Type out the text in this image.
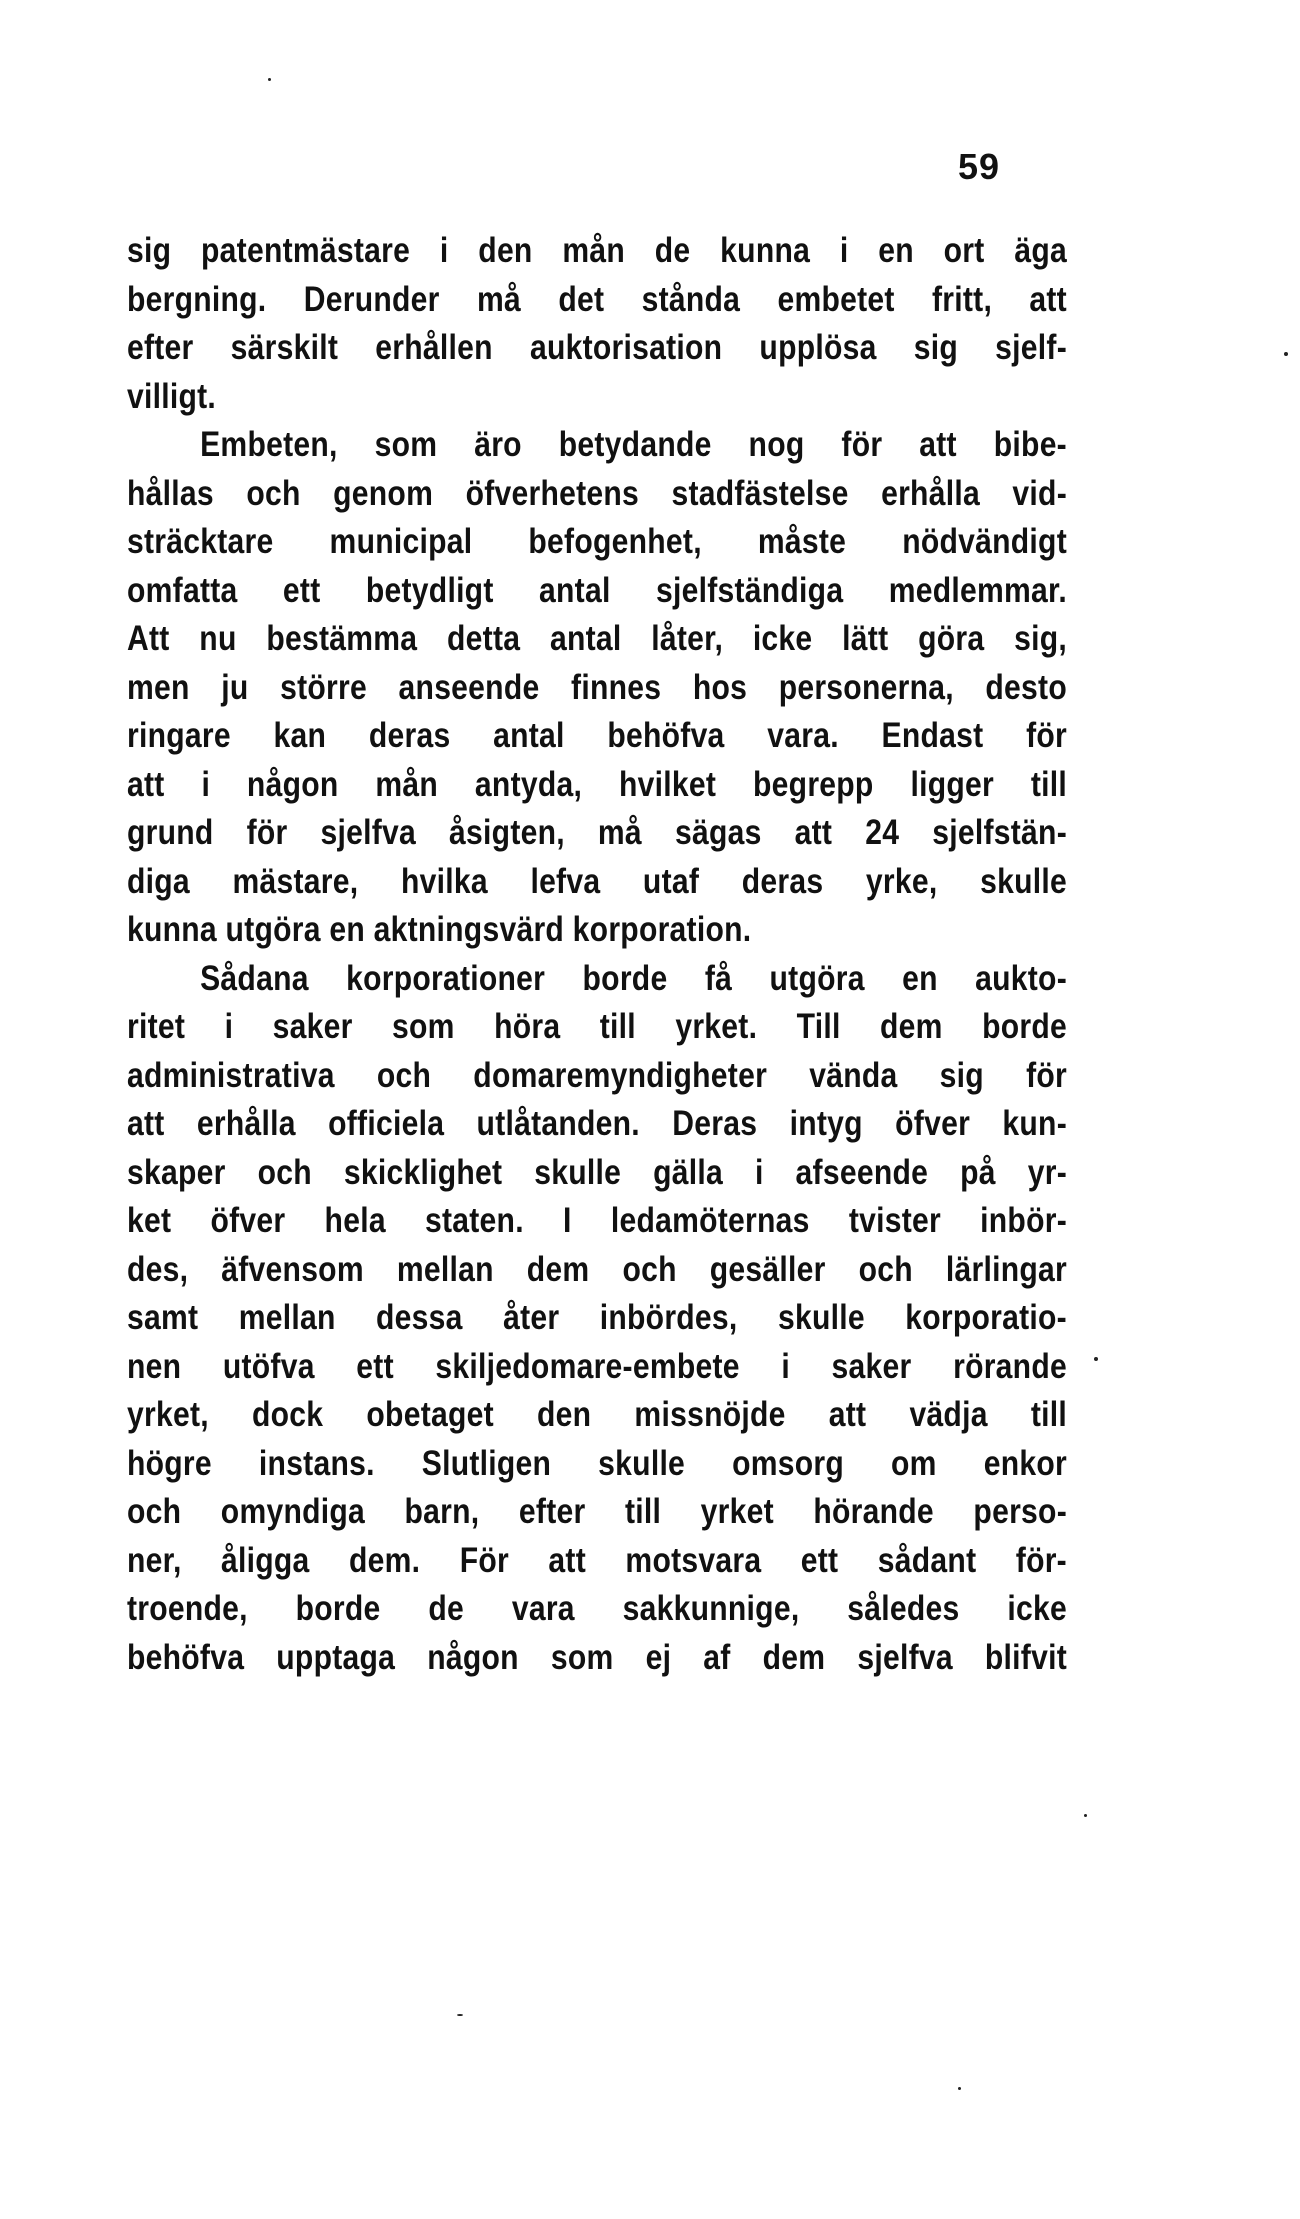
59
sig patentmästare i den mån de kunna i en ort äga
bergning. Derunder må det stånda embetet fritt, att
efter särskilt erhållen auktorisation upplösa sig sjelf-
villigt.
Embeten, som äro betydande nog för att bibe-
hållas och genom öfverhetens stadfästelse erhålla vid-
sträcktare municipal befogenhet, måste nödvändigt
omfatta ett betydligt antal sjelfständiga medlemmar.
Att nu bestämma detta antal låter, icke lätt göra sig,
men ju större anseende finnes hos personerna, desto
ringare kan deras antal behöfva vara. Endast för
att i någon mån antyda, hvilket begrepp ligger till
grund för sjelfva åsigten, må sägas att 24 sjelfstän-
diga mästare, hvilka lefva utaf deras yrke, skulle
kunna utgöra en aktningsvärd korporation.
Sådana korporationer borde få utgöra en aukto-
ritet i saker som höra till yrket. Till dem borde
administrativa och domaremyndigheter vända sig för
att erhålla officiela utlåtanden. Deras intyg öfver kun-
skaper och skicklighet skulle gälla i afseende på yr-
ket öfver hela staten. I ledamöternas tvister inbör-
des, äfvensom mellan dem och gesäller och lärlingar
samt mellan dessa åter inbördes, skulle korporatio-
nen utöfva ett skiljedomare-embete i saker rörande
yrket, dock obetaget den missnöjde att vädja till
högre instans. Slutligen skulle omsorg om enkor
och omyndiga barn, efter till yrket hörande perso-
ner, åligga dem. För att motsvara ett sådant för-
troende, borde de vara sakkunnige, således icke
behöfva upptaga någon som ej af dem sjelfva blifvit
